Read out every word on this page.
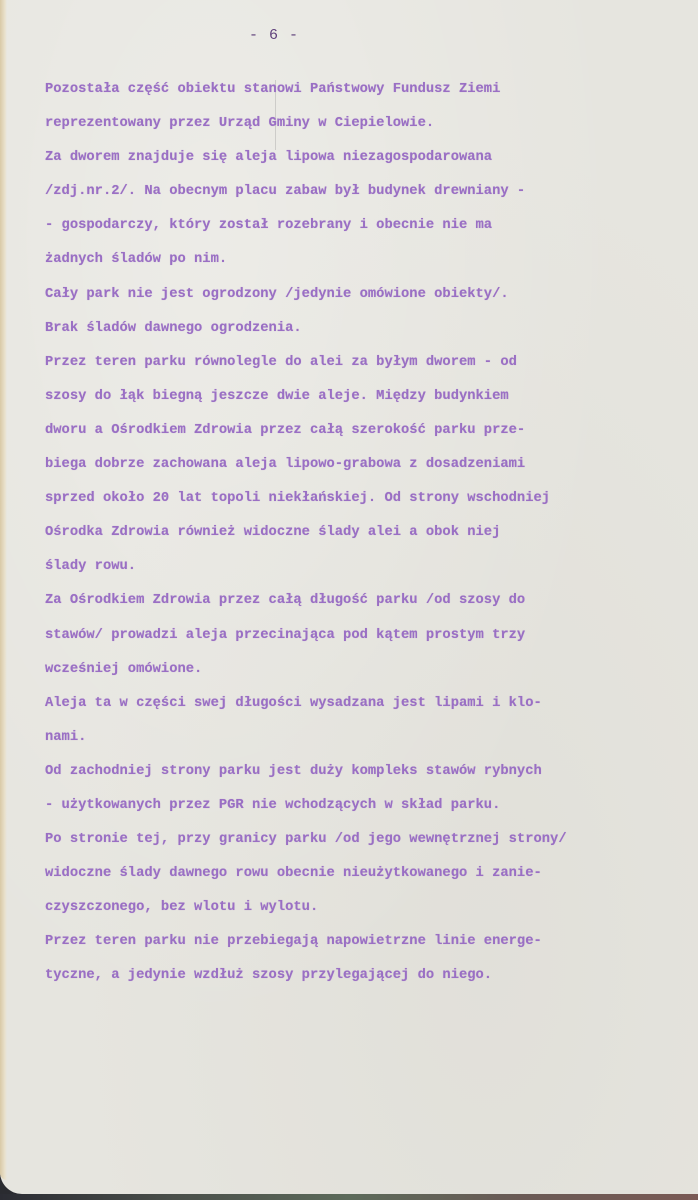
- 6 -
Pozostała część obiektu stanowi Państwowy Fundusz Ziemi
reprezentowany przez Urząd Gminy w Ciepielowie.
Za dworem znajduje się aleja lipowa niezagospodarowana
/zdj.nr.2/. Na obecnym placu zabaw był budynek drewniany -
- gospodarczy, który został rozebrany i obecnie nie ma
żadnych śladów po nim.
Cały park nie jest ogrodzony /jedynie omówione obiekty/.
Brak śladów dawnego ogrodzenia.
Przez teren parku równolegle do alei za byłym dworem - od
szosy do łąk biegną jeszcze dwie aleje. Między budynkiem
dworu a Ośrodkiem Zdrowia przez całą szerokość parku prze-
biega dobrze zachowana aleja lipowo-grabowa z dosadzeniami
sprzed około 20 lat topoli niekłańskiej. Od strony wschodniej
Ośrodka Zdrowia również widoczne ślady alei a obok niej
ślady rowu.
Za Ośrodkiem Zdrowia przez całą długość parku /od szosy do
stawów/ prowadzi aleja przecinająca pod kątem prostym trzy
wcześniej omówione.
Aleja ta w części swej długości wysadzana jest lipami i klo-
nami.
Od zachodniej strony parku jest duży kompleks stawów rybnych
- użytkowanych przez PGR nie wchodzących w skład parku.
Po stronie tej, przy granicy parku /od jego wewnętrznej strony/
widoczne ślady dawnego rowu obecnie nieużytkowanego i zanie-
czyszczonego, bez wlotu i wylotu.
Przez teren parku nie przebiegają napowietrzne linie energe-
tyczne, a jedynie wzdłuż szosy przylegającej do niego.
